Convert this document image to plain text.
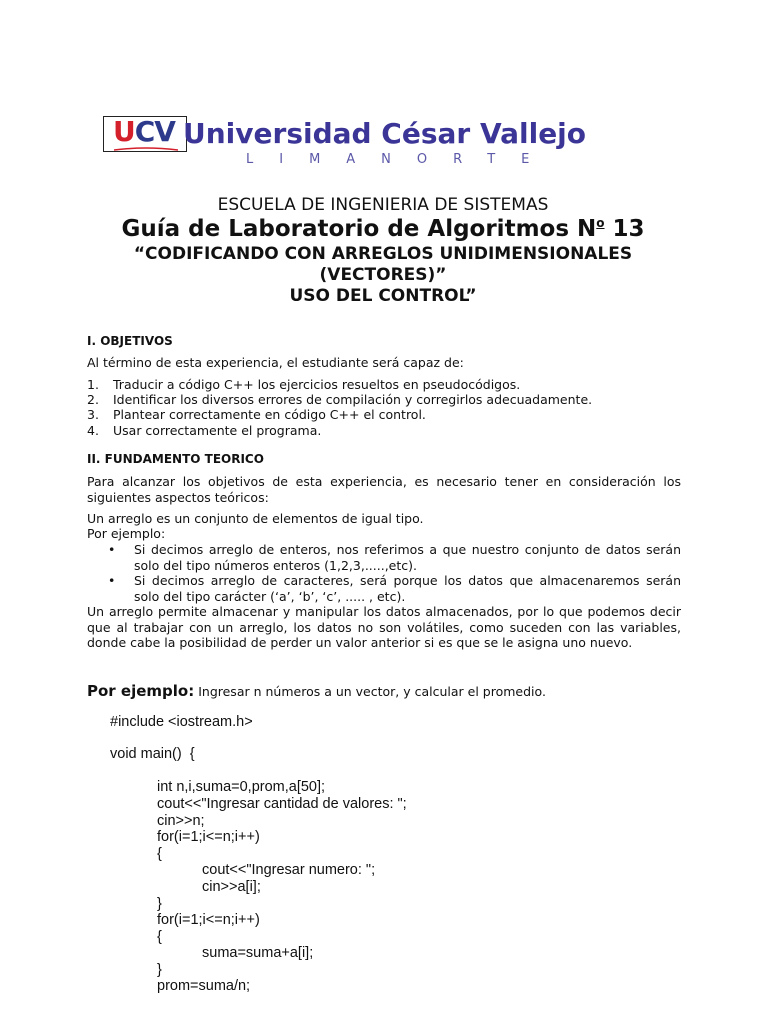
UCV Universidad César Vallejo
LIMANORTE
ESCUELA DE INGENIERIA DE SISTEMAS
Guía de Laboratorio de Algoritmos $N^o$ 13
“CODIFICANDO CON ARREGLOS UNIDIMENSIONALES
(VECTORES)”
USO DEL CONTROL”
I. OBJETIVOS
Al término de esta experiencia, el estudiante será capaz de:
1. Traducir a código C++ los ejercicios resueltos en pseudocódigos.
2. Identificar los diversos errores de compilación y corregirlos adecuadamente.
3. Plantear correctamente en código C++ el control.
4. Usar correctamente el programa.
II. FUNDAMENTO TEORICO
Para alcanzar los objetivos de esta experiencia, es necesario tener en consideración los siguientes aspectos teóricos:
Un arreglo es un conjunto de elementos de igual tipo.
Por ejemplo:
• Si decimos arreglo de enteros, nos referimos a que nuestro conjunto de datos serán solo del tipo números enteros (1,2,3,.....,etc).
• Si decimos arreglo de caracteres, será porque los datos que almacenaremos serán solo del tipo carácter (‘a’, ‘b’, ‘c’, ..... , etc).
Un arreglo permite almacenar y manipular los datos almacenados, por lo que podemos decir que al trabajar con un arreglo, los datos no son volátiles, como suceden con las variables, donde cabe la posibilidad de perder un valor anterior si es que se le asigna uno nuevo.
Por ejemplo: Ingresar n números a un vector, y calcular el promedio.
#include <iostream.h>
void main()  {
int n,i,suma=0,prom,a[50];
cout<<"Ingresar cantidad de valores: ";
cin>>n;
for(i=1;i<=n;i++)
{
cout<<"Ingresar numero: ";
cin>>a[i];
}
for(i=1;i<=n;i++)
{
suma=suma+a[i];
}
prom=suma/n;
